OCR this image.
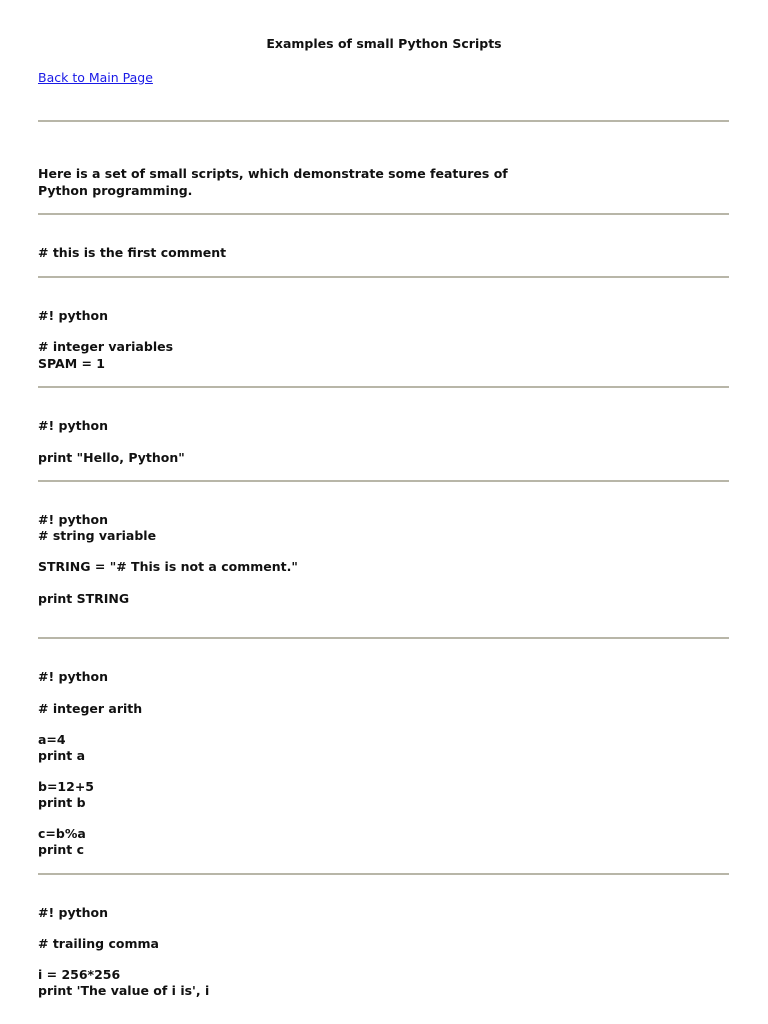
Examples of small Python Scripts
Back to Main Page
Here is a set of small scripts, which demonstrate some features of
Python programming.
# this is the first comment
#! python
# integer variables
SPAM = 1
#! python
print "Hello, Python"
#! python
# string variable
STRING = "# This is not a comment."
print STRING
#! python
# integer arith
a=4
print a
b=12+5
print b
c=b%a
print c
#! python
# trailing comma
i = 256*256
print 'The value of i is', i
